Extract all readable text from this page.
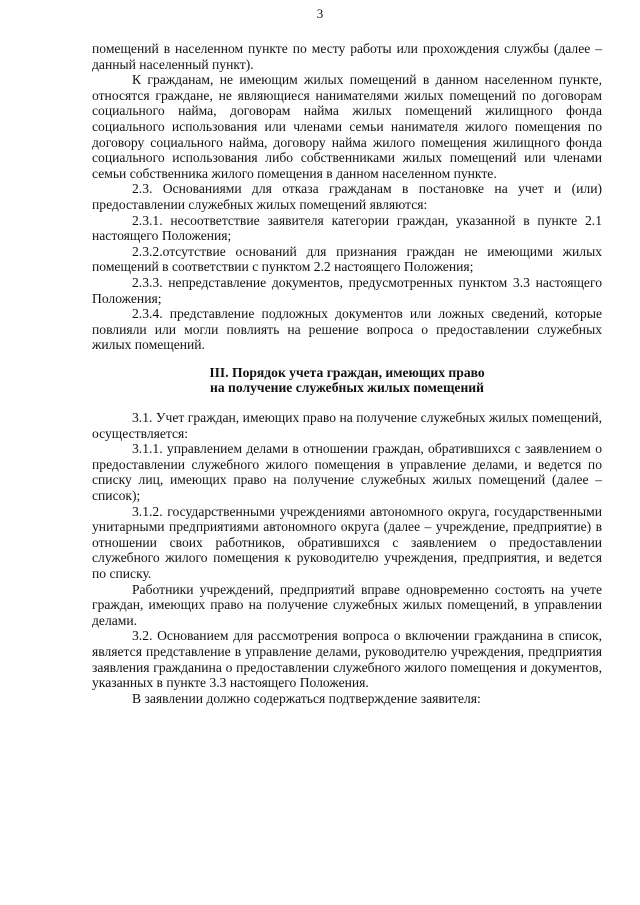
3

помещений в населенном пункте по месту работы или прохождения службы (далее – данный населенный пункт).

К гражданам, не имеющим жилых помещений в данном населенном пункте, относятся граждане, не являющиеся нанимателями жилых помещений по договорам социального найма, договорам найма жилых помещений жилищного фонда социального использования или членами семьи нанимателя жилого помещения по договору социального найма, договору найма жилого помещения жилищного фонда социального использования либо собственниками жилых помещений или членами семьи собственника жилого помещения в данном населенном пункте.

2.3. Основаниями для отказа гражданам в постановке на учет и (или) предоставлении служебных жилых помещений являются:

2.3.1. несоответствие заявителя категории граждан, указанной в пункте 2.1 настоящего Положения;

2.3.2.отсутствие оснований для признания граждан не имеющими жилых помещений в соответствии с пунктом 2.2 настоящего Положения;

2.3.3. непредставление документов, предусмотренных пунктом 3.3 настоящего Положения;

2.3.4. представление подложных документов или ложных сведений, которые повлияли или могли повлиять на решение вопроса о предоставлении служебных жилых помещений.

III. Порядок учета граждан, имеющих право
на получение служебных жилых помещений

3.1. Учет граждан, имеющих право на получение служебных жилых помещений, осуществляется:

3.1.1. управлением делами в отношении граждан, обратившихся с заявлением о предоставлении служебного жилого помещения в управление делами, и ведется по списку лиц, имеющих право на получение служебных жилых помещений (далее – список);

3.1.2. государственными учреждениями автономного округа, государственными унитарными предприятиями автономного округа (далее – учреждение, предприятие) в отношении своих работников, обратившихся с заявлением о предоставлении служебного жилого помещения к руководителю учреждения, предприятия, и ведется по списку.

Работники учреждений, предприятий вправе одновременно состоять на учете граждан, имеющих право на получение служебных жилых помещений, в управлении делами.

3.2. Основанием для рассмотрения вопроса о включении гражданина в список, является представление в управление делами, руководителю учреждения, предприятия заявления гражданина о предоставлении служебного жилого помещения и документов, указанных в пункте 3.3 настоящего Положения.

В заявлении должно содержаться подтверждение заявителя:
